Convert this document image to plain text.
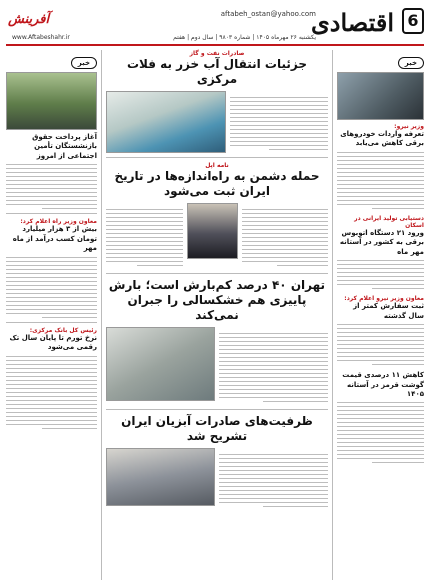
6
اقتصادی
aftabeh_ostan@yahoo.com
یکشنبه ۲۶ مهرماه ۱۴۰۵ | شماره ۹۸۰۳ | سال دوم | هفتم
آفرینش
www.Aftabeshahr.ir
خبر
وزیر نیرو:
تعرفه واردات خودروهای برقی کاهش می‌یابد
دستیابی تولید ایرانی در اسکان
ورود ۲۱ دستگاه اتوبوس برقی به کشور در آستانه مهر ماه
معاون وزیر نیرو اعلام کرد:
ثبت سفارش کمتر از سال گذشته
کاهش ۱۱ درصدی قیمت گوشت قرمز در آستانه ۱۴۰۵
صادرات نفت و گاز
جزئیات انتقال آب خزر به فلات مرکزی
نامه اپل
حمله دشمن به راه‌اندازه‌ها در تاریخ ایران ثبت می‌شود
تهران ۴۰ درصد کم‌بارش است؛ بارش پاییزی هم خشکسالی را جبران نمی‌کند
ظرفیت‌های صادرات آبزیان ایران تشریح شد
خبر
آغاز پرداخت حقوق بازنشستگان تأمین اجتماعی از امروز
معاون وزیر راه اعلام کرد:
بیش از ۳ هزار میلیارد تومان کسب درآمد از ماه مهر
رئیس کل بانک مرکزی:
نرخ تورم تا پایان سال تک رقمی می‌شود
